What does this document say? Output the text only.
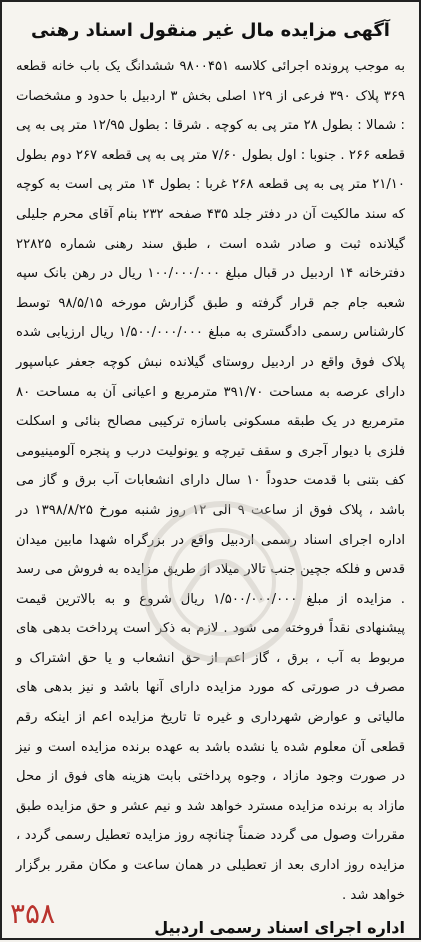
آگهی مزایده مال غیر منقول اسناد رهنی

به موجب پرونده اجرائی کلاسه ۹۸۰۰۴۵۱ ششدانگ یک باب خانه قطعه ۳۶۹ پلاک ۳۹۰ فرعی از ۱۲۹ اصلی بخش ۳ اردبیل با حدود و مشخصات : شمالا : بطول ۲۸ متر پی به کوچه . شرقا : بطول ۱۲/۹۵ متر پی به پی قطعه ۲۶۶ . جنوبا : اول بطول ۷/۶۰ متر پی به پی قطعه ۲۶۷ دوم بطول ۲۱/۱۰ متر پی به پی قطعه ۲۶۸ غربا : بطول ۱۴ متر پی است به کوچه که سند مالکیت آن در دفتر جلد ۴۳۵ صفحه ۲۳۲ بنام آقای محرم جلیلی گیلانده ثبت و صادر شده است ، طبق سند رهنی شماره ۲۲۸۲۵ دفترخانه ۱۴ اردبیل در قبال مبلغ ۱۰۰/۰۰۰/۰۰۰ ریال در رهن بانک سپه شعبه جام جم قرار گرفته و طبق گزارش مورخه ۹۸/۵/۱۵ توسط کارشناس رسمی دادگستری به مبلغ ۱/۵۰۰/۰۰۰/۰۰۰ ریال ارزیابی شده پلاک فوق واقع در اردبیل روستای گیلانده نبش کوچه جعفر عباسپور دارای عرصه به مساحت ۳۹۱/۷۰ مترمربع و اعیانی آن به مساحت ۸۰ مترمربع در یک طبقه مسکونی باسازه ترکیبی مصالح بنائی و اسکلت فلزی با دیوار آجری و سقف تیرچه و یونولیت درب و پنجره آلومینیومی کف بتنی با قدمت حدوداً ۱۰ سال دارای انشعابات آب برق و گاز می باشد ، پلاک فوق از ساعت ۹ الی ۱۲ روز شنبه مورخ ۱۳۹۸/۸/۲۵ در اداره اجرای اسناد رسمی اردبیل واقع در بزرگراه شهدا مابین میدان قدس و فلکه جچین جنب تالار میلاد از طریق مزایده به فروش می رسد . مزایده از مبلغ ۱/۵۰۰/۰۰۰/۰۰۰ ریال شروع و به بالاترین قیمت پیشنهادی نقداً فروخته می شود . لازم به ذکر است پرداخت بدهی های مربوط به آب ، برق ، گاز اعم از حق انشعاب و یا حق اشتراک و مصرف در صورتی که مورد مزایده دارای آنها باشد و نیز بدهی های مالیاتی و عوارض شهرداری و غیره تا تاریخ مزایده اعم از اینکه رقم قطعی آن معلوم شده یا نشده باشد به عهده برنده مزایده است و نیز در صورت وجود مازاد ، وجوه پرداختی بابت هزینه های فوق از محل مازاد به برنده مزایده مسترد خواهد شد و نیم عشر و حق مزایده طبق مقررات وصول می گردد ضمناً چنانچه روز مزایده تعطیل رسمی گردد ، مزایده روز اداری بعد از تعطیلی در همان ساعت و مکان مقرر برگزار خواهد شد .

اداره اجرای اسناد رسمی اردبیل
۳۵۸
